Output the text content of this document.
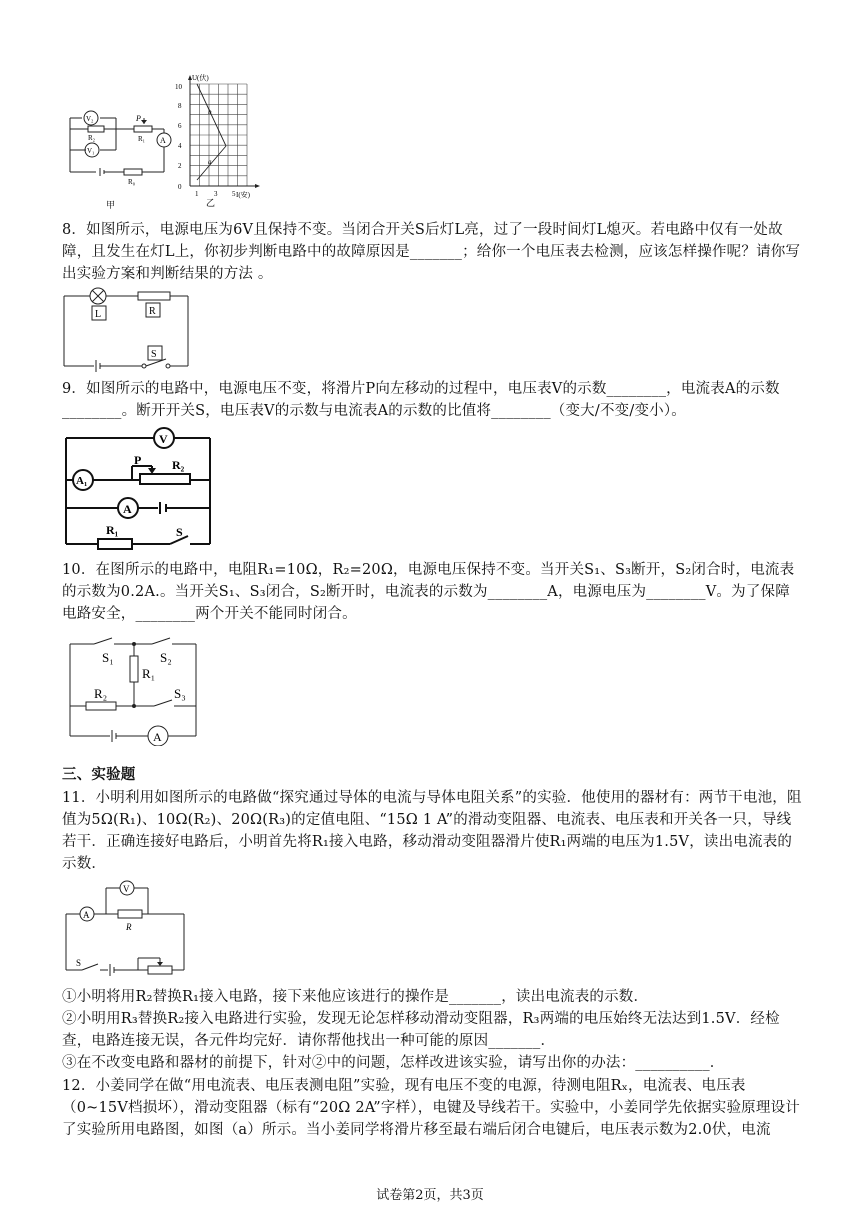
V₂
R₂
P
R₁ A
V₁
R₀
甲
U(伏)
I(安)
0
2
4
6
8
10
1 3 5
a
b
乙
8．如图所示，电源电压为6V且保持不变。当闭合开关S后灯L亮，过了一段时间灯L熄灭。若电路中仅有一处故障，且发生在灯L上，你初步判断电路中的故障原因是_______；给你一个电压表去检测，应该怎样操作呢？请你写出实验方案和判断结果的方法 。
L	R
S
9．如图所示的电路中，电源电压不变，将滑片P向左移动的过程中，电压表V的示数________，电流表A的示数________。断开开关S，电压表V的示数与电流表A的示数的比值将________（变大/不变/变小）。
V
A₁
P	R₂
A
R₁	S
10．在图所示的电路中，电阻R₁=10Ω，R₂=20Ω，电源电压保持不变。当开关S₁、S₃断开，S₂闭合时，电流表的示数为0.2A.。当开关S₁、S₃闭合，S₂断开时，电流表的示数为________A，电源电压为________V。为了保障电路安全，________两个开关不能同时闭合。
S₁	S₂
R₁
R₂	S₃
A
三、实验题
11．小明利用如图所示的电路做“探究通过导体的电流与导体电阻关系”的实验．他使用的器材有：两节干电池，阻值为5Ω(R₁)、10Ω(R₂)、20Ω(R₃)的定值电阻、“15Ω 1 A”的滑动变阻器、电流表、电压表和开关各一只，导线若干．正确连接好电路后，小明首先将R₁接入电路，移动滑动变阻器滑片使R₁两端的电压为1.5V，读出电流表的示数．
V
A
R
S
①小明将用R₂替换R₁接入电路，接下来他应该进行的操作是_______，读出电流表的示数．
②小明用R₃替换R₂接入电路进行实验，发现无论怎样移动滑动变阻器，R₃两端的电压始终无法达到1.5V．经检查，电路连接无误，各元件均完好．请你帮他找出一种可能的原因_______．
③在不改变电路和器材的前提下，针对②中的问题，怎样改进该实验，请写出你的办法：__________．
12．小姜同学在做“用电流表、电压表测电阻”实验，现有电压不变的电源，待测电阻Rₓ，电流表、电压表（0~15V档损坏），滑动变阻器（标有“20Ω 2A”字样），电键及导线若干。实验中，小姜同学先依据实验原理设计了实验所用电路图，如图（a）所示。当小姜同学将滑片移至最右端后闭合电键后，电压表示数为2.0伏，电流
试卷第2页，共3页
